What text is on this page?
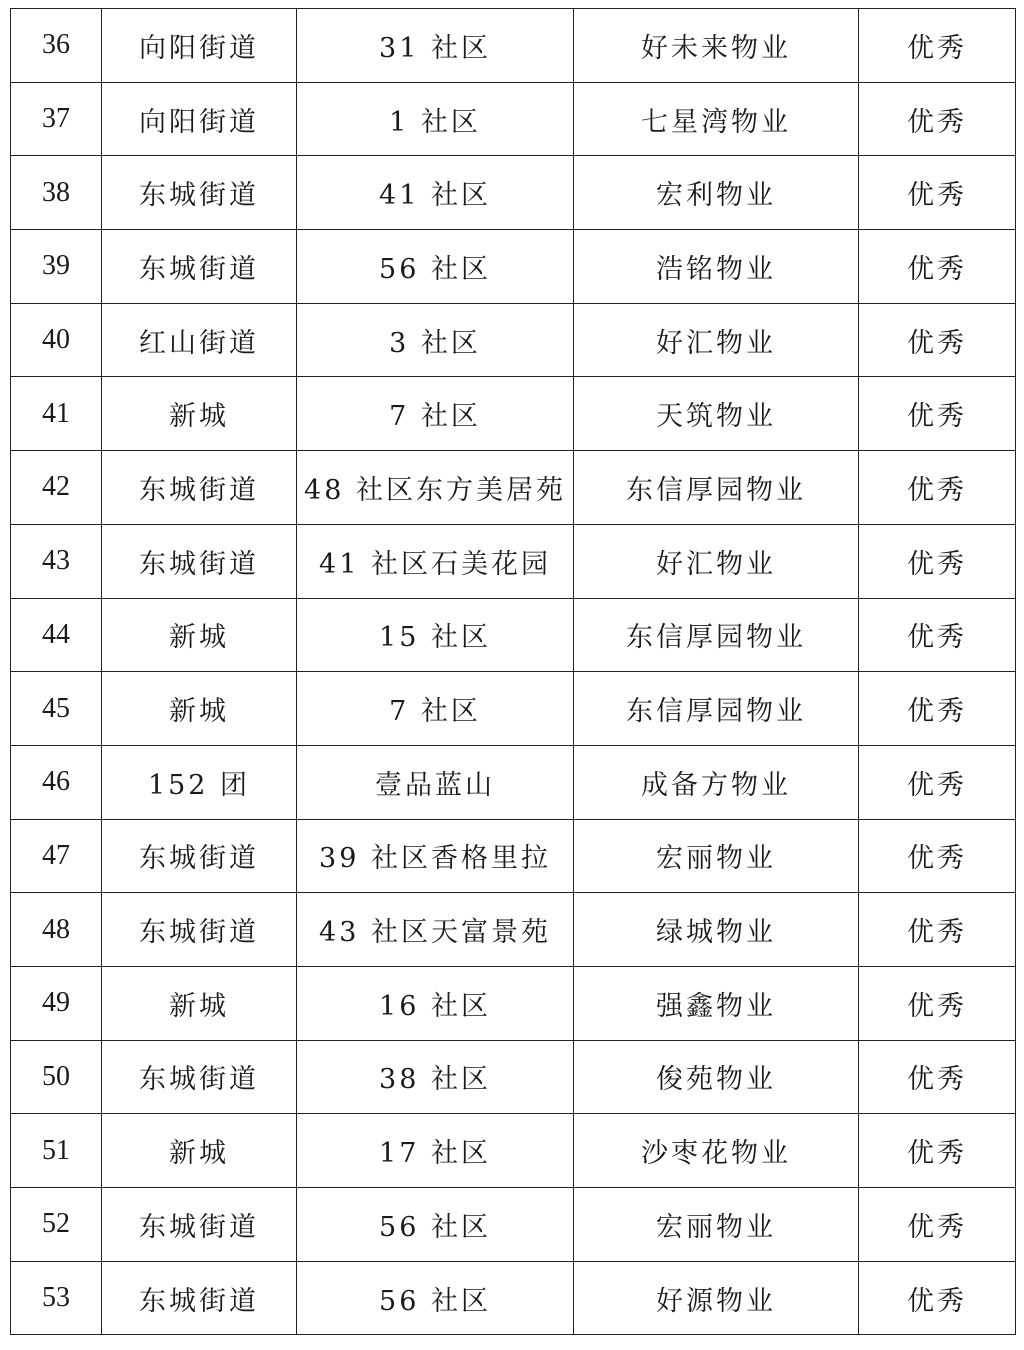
36	向阳街道	31 社区	好未来物业	优秀
37	向阳街道	1 社区	七星湾物业	优秀
38	东城街道	41 社区	宏利物业	优秀
39	东城街道	56 社区	浩铭物业	优秀
40	红山街道	3 社区	好汇物业	优秀
41	新城	7 社区	天筑物业	优秀
42	东城街道	48 社区东方美居苑	东信厚园物业	优秀
43	东城街道	41 社区石美花园	好汇物业	优秀
44	新城	15 社区	东信厚园物业	优秀
45	新城	7 社区	东信厚园物业	优秀
46	152 团	壹品蓝山	成备方物业	优秀
47	东城街道	39 社区香格里拉	宏丽物业	优秀
48	东城街道	43 社区天富景苑	绿城物业	优秀
49	新城	16 社区	强鑫物业	优秀
50	东城街道	38 社区	俊苑物业	优秀
51	新城	17 社区	沙枣花物业	优秀
52	东城街道	56 社区	宏丽物业	优秀
53	东城街道	56 社区	好源物业	优秀
